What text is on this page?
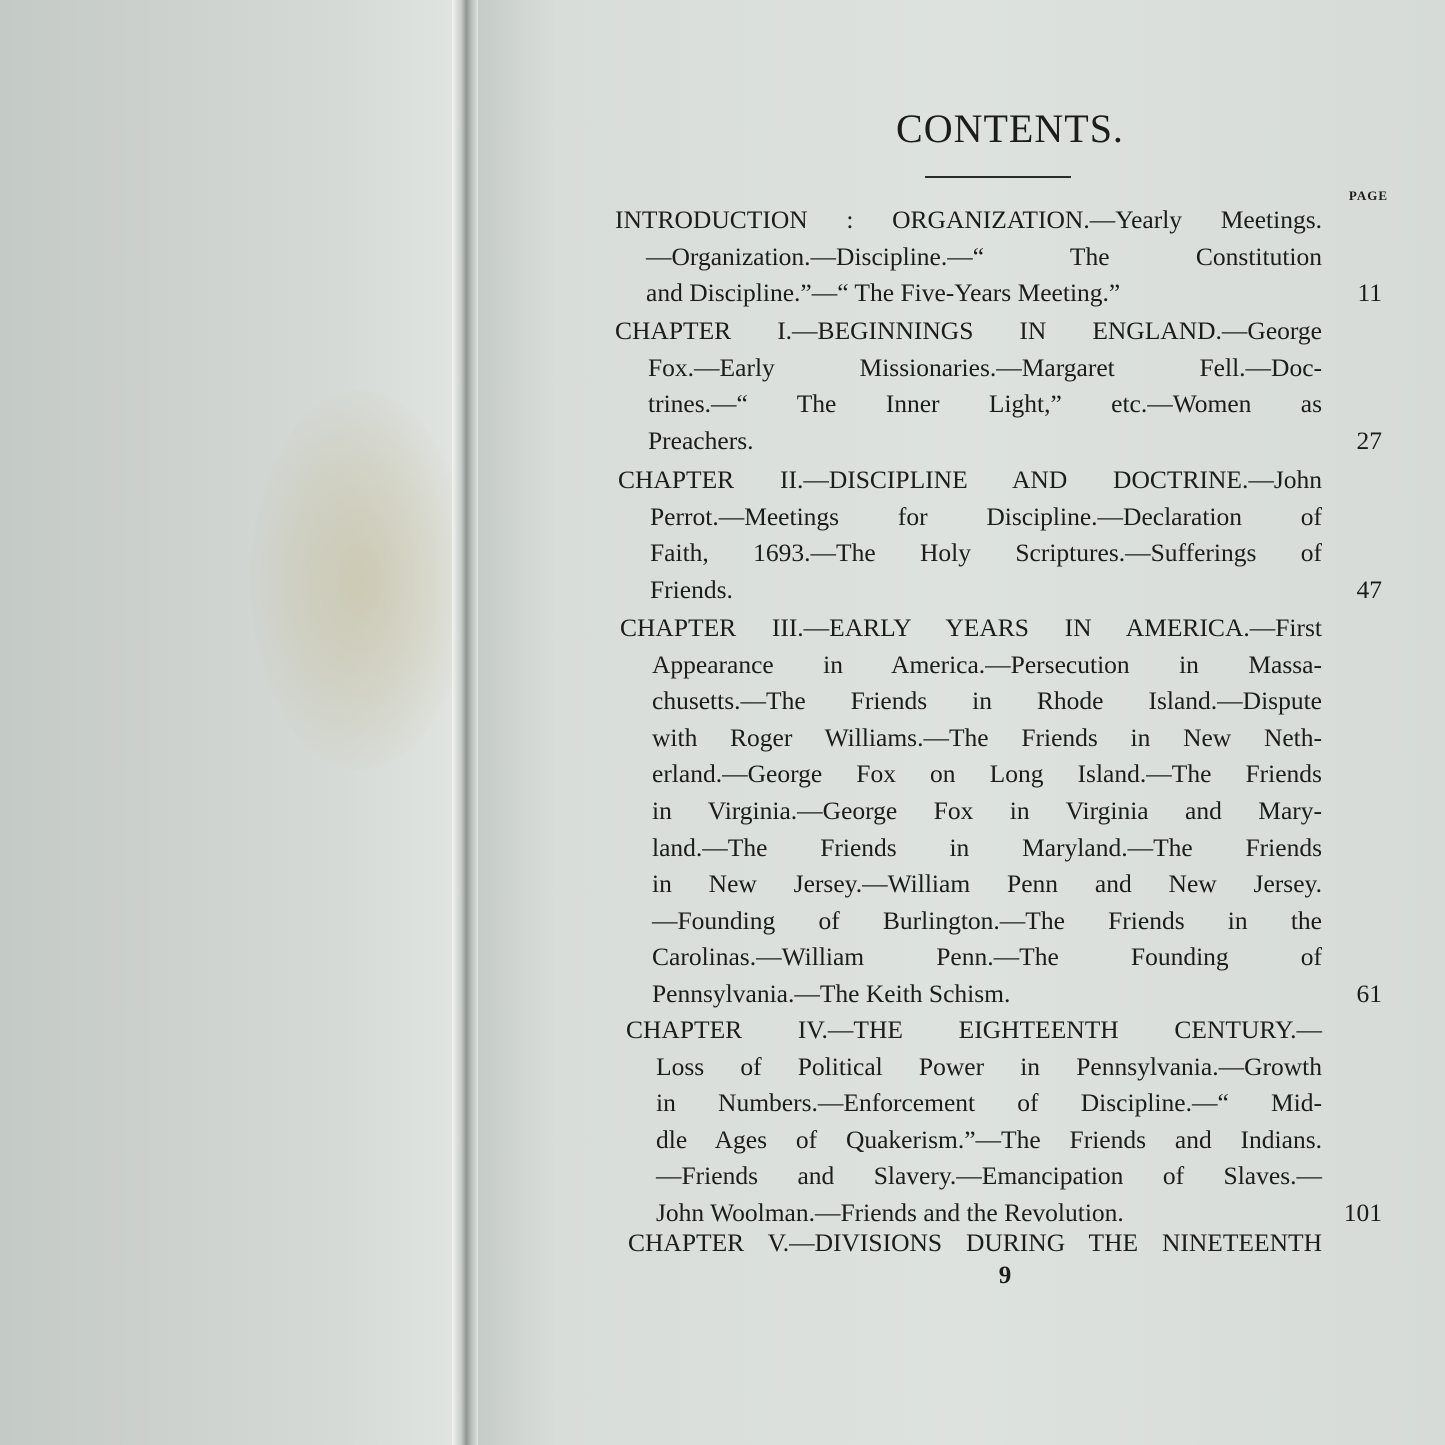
CONTENTS.
PAGE
INTRODUCTION : ORGANIZATION.—Yearly Meetings.
—Organization.—Discipline.—“ The Constitution
and Discipline.”—“ The Five-Years Meeting.”	11
CHAPTER I.—BEGINNINGS IN ENGLAND.—George
Fox.—Early Missionaries.—Margaret Fell.—Doc-
trines.—“ The Inner Light,” etc.—Women as
Preachers.	27
CHAPTER II.—DISCIPLINE AND DOCTRINE.—John
Perrot.—Meetings for Discipline.—Declaration of
Faith, 1693.—The Holy Scriptures.—Sufferings of
Friends.	47
CHAPTER III.—EARLY YEARS IN AMERICA.—First
Appearance in America.—Persecution in Massa-
chusetts.—The Friends in Rhode Island.—Dispute
with Roger Williams.—The Friends in New Neth-
erland.—George Fox on Long Island.—The Friends
in Virginia.—George Fox in Virginia and Mary-
land.—The Friends in Maryland.—The Friends
in New Jersey.—William Penn and New Jersey.
—Founding of Burlington.—The Friends in the
Carolinas.—William Penn.—The Founding of
Pennsylvania.—The Keith Schism.	61
CHAPTER IV.—THE EIGHTEENTH CENTURY.—
Loss of Political Power in Pennsylvania.—Growth
in Numbers.—Enforcement of Discipline.—“ Mid-
dle Ages of Quakerism.”—The Friends and Indians.
—Friends and Slavery.—Emancipation of Slaves.—
John Woolman.—Friends and the Revolution.	101
CHAPTER V.—DIVISIONS DURING THE NINETEENTH
9
